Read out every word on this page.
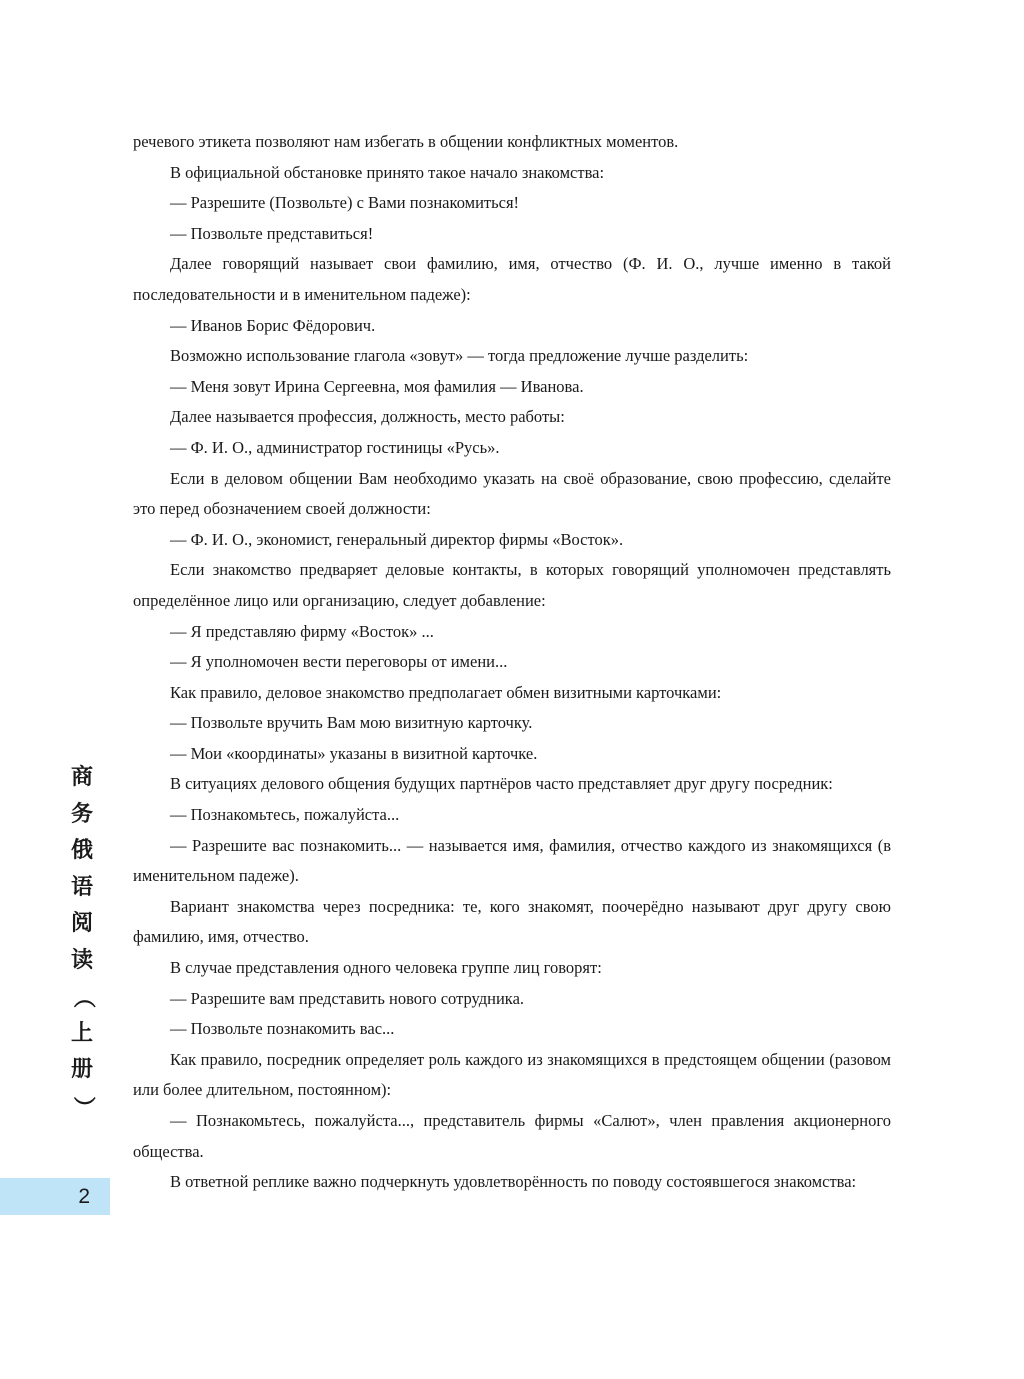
речевого этикета позволяют нам избегать в общении конфликтных моментов.

В официальной обстановке принято такое начало знакомства:

— Разрешите (Позвольте) с Вами познакомиться!

— Позвольте представиться!

Далее говорящий называет свои фамилию, имя, отчество (Ф. И. О., лучше именно в такой последовательности и в именительном падеже):

— Иванов Борис Фёдорович.

Возможно использование глагола «зовут» — тогда предложение лучше разделить:

— Меня зовут Ирина Сергеевна, моя фамилия — Иванова.

Далее называется профессия, должность, место работы:

— Ф. И. О., администратор гостиницы «Русь».

Если в деловом общении Вам необходимо указать на своё образование, свою профессию, сделайте это перед обозначением своей должности:

— Ф. И. О., экономист, генеральный директор фирмы «Восток».

Если знакомство предваряет деловые контакты, в которых говорящий уполномочен представлять определённое лицо или организацию, следует добавление:

— Я представляю фирму «Восток» ...

— Я уполномочен вести переговоры от имени...

Как правило, деловое знакомство предполагает обмен визитными карточками:

— Позвольте вручить Вам мою визитную карточку.

— Мои «координаты» указаны в визитной карточке.

В ситуациях делового общения будущих партнёров часто представляет друг другу посредник:

— Познакомьтесь, пожалуйста...

— Разрешите вас познакомить... — называется имя, фамилия, отчество каждого из знакомящихся (в именительном падеже).

Вариант знакомства через посредника: те, кого знакомят, поочерёдно называют друг другу свою фамилию, имя, отчество.

В случае представления одного человека группе лиц говорят:

— Разрешите вам представить нового сотрудника.

— Позвольте познакомить вас...

Как правило, посредник определяет роль каждого из знакомящихся в предстоящем общении (разовом или более длительном, постоянном):

— Познакомьтесь, пожалуйста..., представитель фирмы «Салют», член правления акционерного общества.

В ответной реплике важно подчеркнуть удовлетворённость по поводу состоявшегося знакомства:

商
务
俄
语
阅
读
（
上
册
）
2
